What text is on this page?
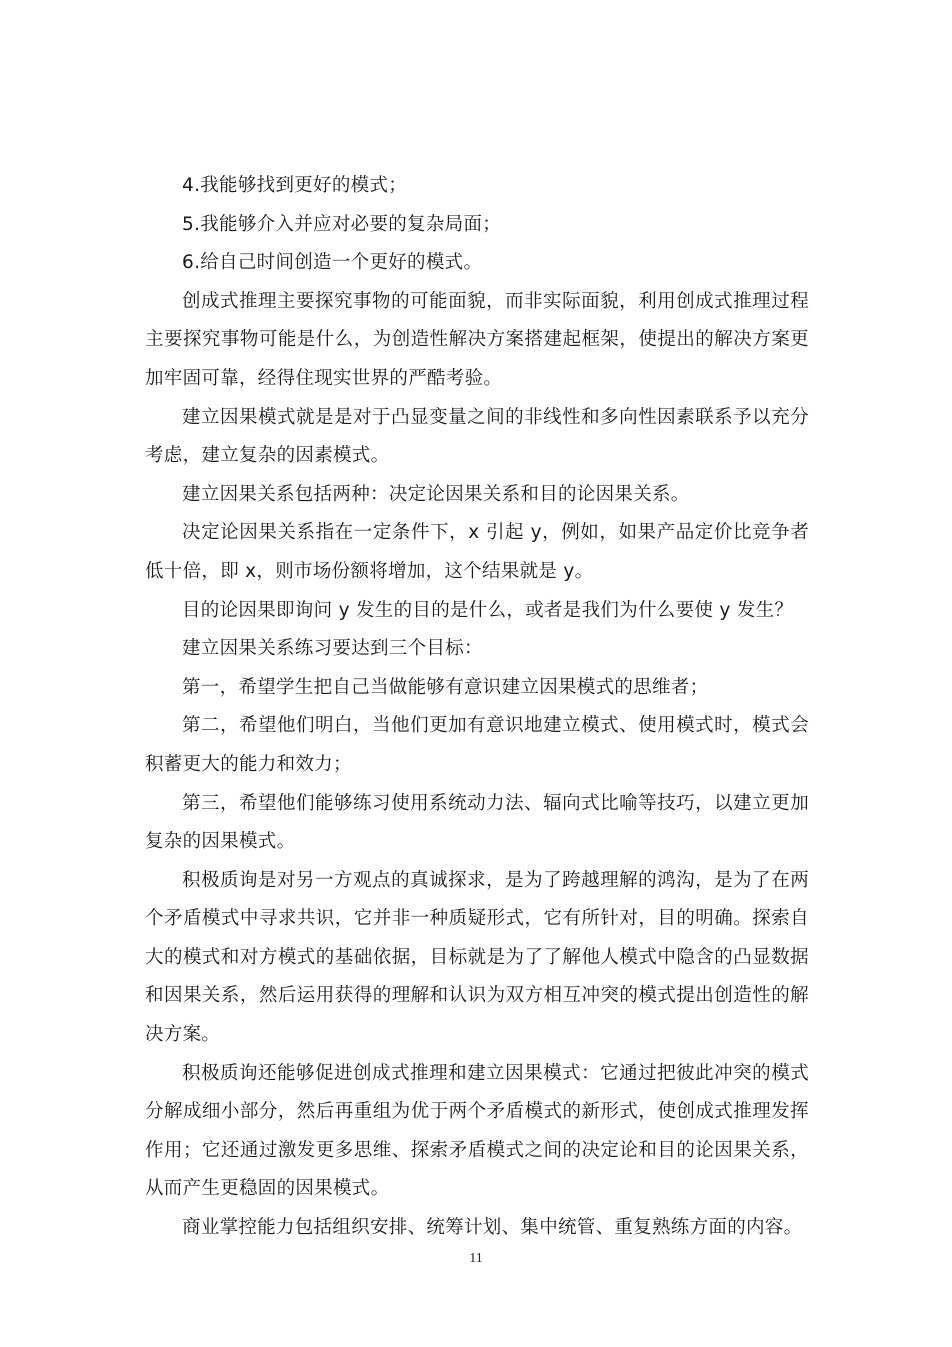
4.我能够找到更好的模式；

5.我能够介入并应对必要的复杂局面；

6.给自己时间创造一个更好的模式。

创成式推理主要探究事物的可能面貌，而非实际面貌，利用创成式推理过程主要探究事物可能是什么，为创造性解决方案搭建起框架，使提出的解决方案更加牢固可靠，经得住现实世界的严酷考验。

建立因果模式就是是对于凸显变量之间的非线性和多向性因素联系予以充分考虑，建立复杂的因素模式。

建立因果关系包括两种：决定论因果关系和目的论因果关系。

决定论因果关系指在一定条件下，x 引起 y，例如，如果产品定价比竞争者低十倍，即 x，则市场份额将增加，这个结果就是 y。

目的论因果即询问 y 发生的目的是什么，或者是我们为什么要使 y 发生？

建立因果关系练习要达到三个目标：

第一，希望学生把自己当做能够有意识建立因果模式的思维者；

第二，希望他们明白，当他们更加有意识地建立模式、使用模式时，模式会积蓄更大的能力和效力；

第三，希望他们能够练习使用系统动力法、辐向式比喻等技巧，以建立更加复杂的因果模式。

积极质询是对另一方观点的真诚探求，是为了跨越理解的鸿沟，是为了在两个矛盾模式中寻求共识，它并非一种质疑形式，它有所针对，目的明确。探索自大的模式和对方模式的基础依据，目标就是为了了解他人模式中隐含的凸显数据和因果关系，然后运用获得的理解和认识为双方相互冲突的模式提出创造性的解决方案。

积极质询还能够促进创成式推理和建立因果模式：它通过把彼此冲突的模式分解成细小部分，然后再重组为优于两个矛盾模式的新形式，使创成式推理发挥作用；它还通过激发更多思维、探索矛盾模式之间的决定论和目的论因果关系，从而产生更稳固的因果模式。

商业掌控能力包括组织安排、统筹计划、集中统管、重复熟练方面的内容。

11
